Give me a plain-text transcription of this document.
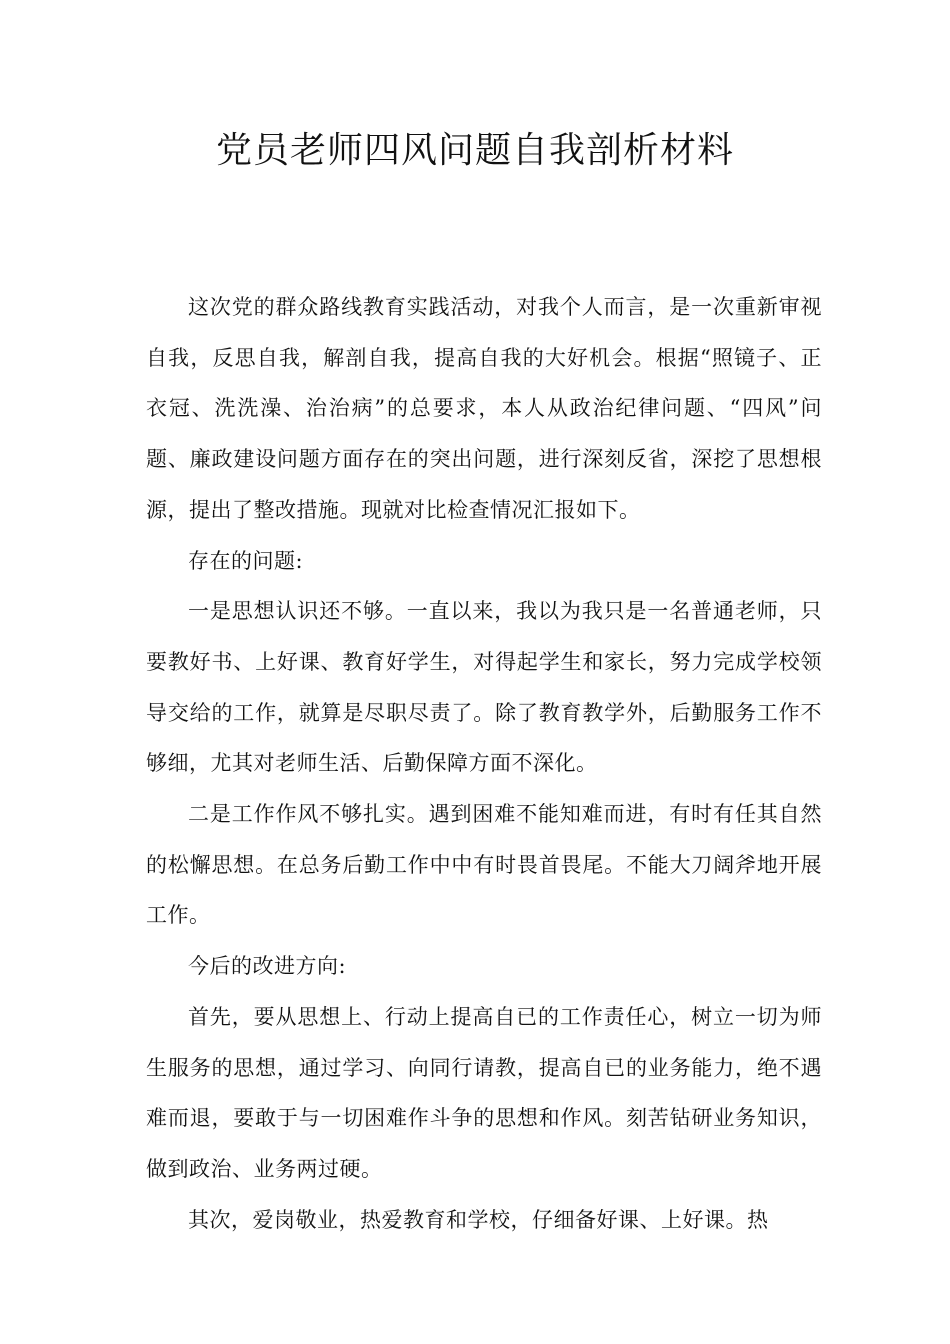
党员老师四风问题自我剖析材料

这次党的群众路线教育实践活动，对我个人而言，是一次重新审视自我，反思自我，解剖自我，提高自我的大好机会。根据“照镜子、正衣冠、洗洗澡、治治病”的总要求，本人从政治纪律问题、“四风”问题、廉政建设问题方面存在的突出问题，进行深刻反省，深挖了思想根源，提出了整改措施。现就对比检查情况汇报如下。

存在的问题:

一是思想认识还不够。一直以来，我以为我只是一名普通老师，只要教好书、上好课、教育好学生，对得起学生和家长，努力完成学校领导交给的工作，就算是尽职尽责了。除了教育教学外，后勤服务工作不够细，尤其对老师生活、后勤保障方面不深化。

二是工作作风不够扎实。遇到困难不能知难而进，有时有任其自然的松懈思想。在总务后勤工作中中有时畏首畏尾。不能大刀阔斧地开展工作。

今后的改进方向:

首先，要从思想上、行动上提高自已的工作责任心，树立一切为师生服务的思想，通过学习、向同行请教，提高自已的业务能力，绝不遇难而退，要敢于与一切困难作斗争的思想和作风。刻苦钻研业务知识，做到政治、业务两过硬。

其次，爱岗敬业，热爱教育和学校，仔细备好课、上好课。热
